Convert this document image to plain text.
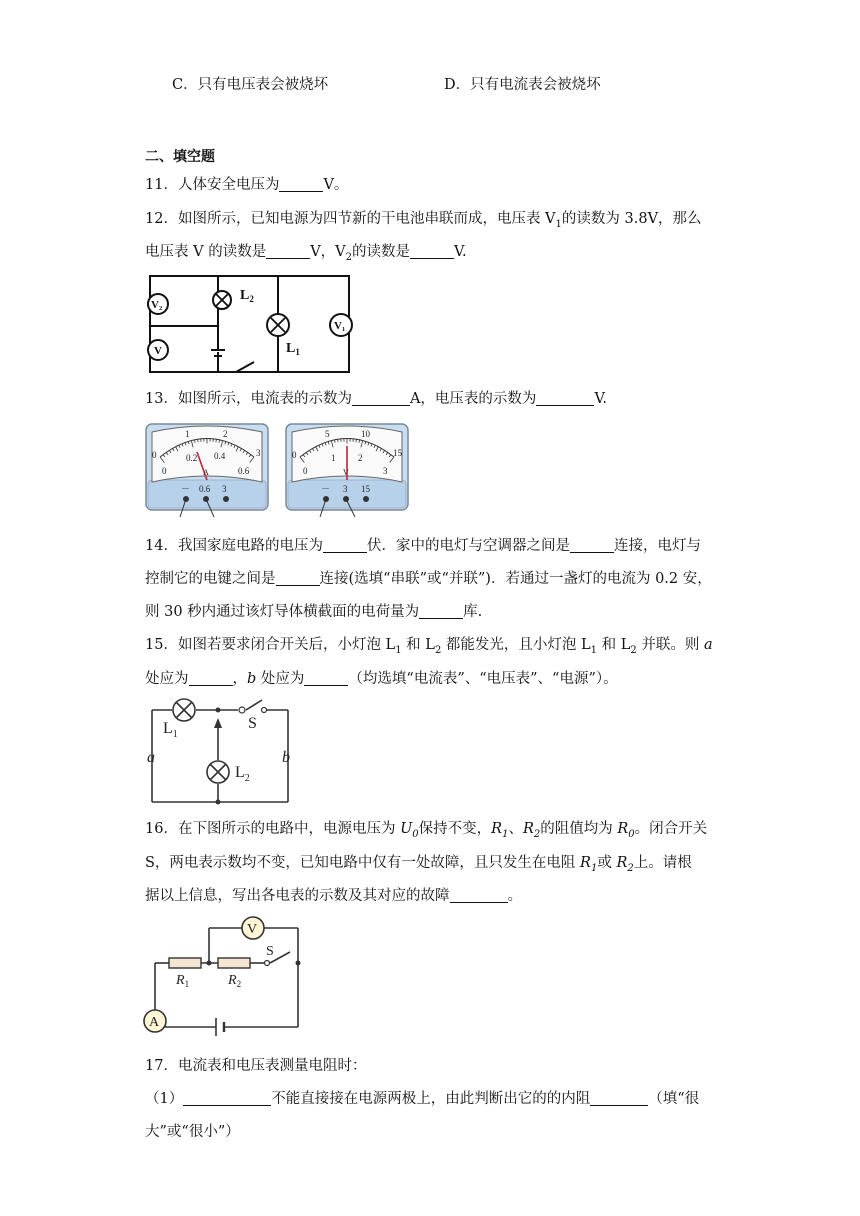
C．只有电压表会被烧坏	D．只有电流表会被烧坏
二、填空题
11．人体安全电压为	V。
12．如图所示，已知电源为四节新的干电池串联而成，电压表 $V_1$的读数为 3.8V，那么
电压表 V 的读数是	V，$V_2$的读数是	V.
V₂
V
V₁
$L_2$
$L_1$
13．如图所示，电流表的示数为	A，电压表的示数为	V.
0
1	2
3
0
0.2 0.4
0.6
A
－ 0.6 3
0
5	10
15
0
1	2
3
V
－ 3 15
14．我国家庭电路的电压为	伏．家中的电灯与空调器之间是	连接，电灯与
控制它的电键之间是	连接(选填“串联”或“并联”)．若通过一盏灯的电流为 0.2 安，
则 30 秒内通过该灯导体横截面的电荷量为	库.
15．如图若要求闭合开关后，小灯泡 $L_1$ 和 $L_2$ 都能发光，且小灯泡 $L_1$ 和 $L_2$ 并联。则 a
处应为	，b 处应为	（均选填“电流表”、“电压表”、“电源”）。
$L_1$
S
a	b
$L_2$
16．在下图所示的电路中，电源电压为 $U_0$保持不变，$R_1$、$R_2$的阻值均为 $R_0$。闭合开关
S，两电表示数均不变，已知电路中仅有一处故障，且只发生在电阻 $R_1$或 $R_2$上。请根
据以上信息，写出各电表的示数及其对应的故障	。
V
S
A
$R_1$	$R_2$
17．电流表和电压表测量电阻时：
（1）	不能直接接在电源两极上，由此判断出它的的内阻	（填“很
大”或“很小”）
